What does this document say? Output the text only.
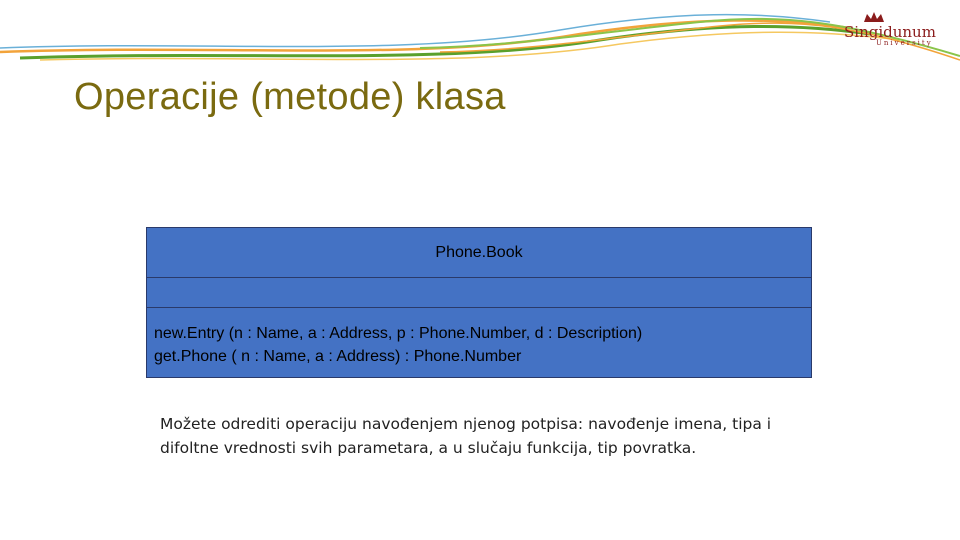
Singidunum
University
Operacije (metode) klasa
Phone.Book
new.Entry (n : Name, a : Address, p : Phone.Number, d : Description)
get.Phone ( n : Name, a : Address) : Phone.Number
Možete odrediti operaciju navođenjem njenog potpisa: navođenje imena, tipa i
difoltne vrednosti svih parametara, a u slučaju funkcija, tip povratka.
